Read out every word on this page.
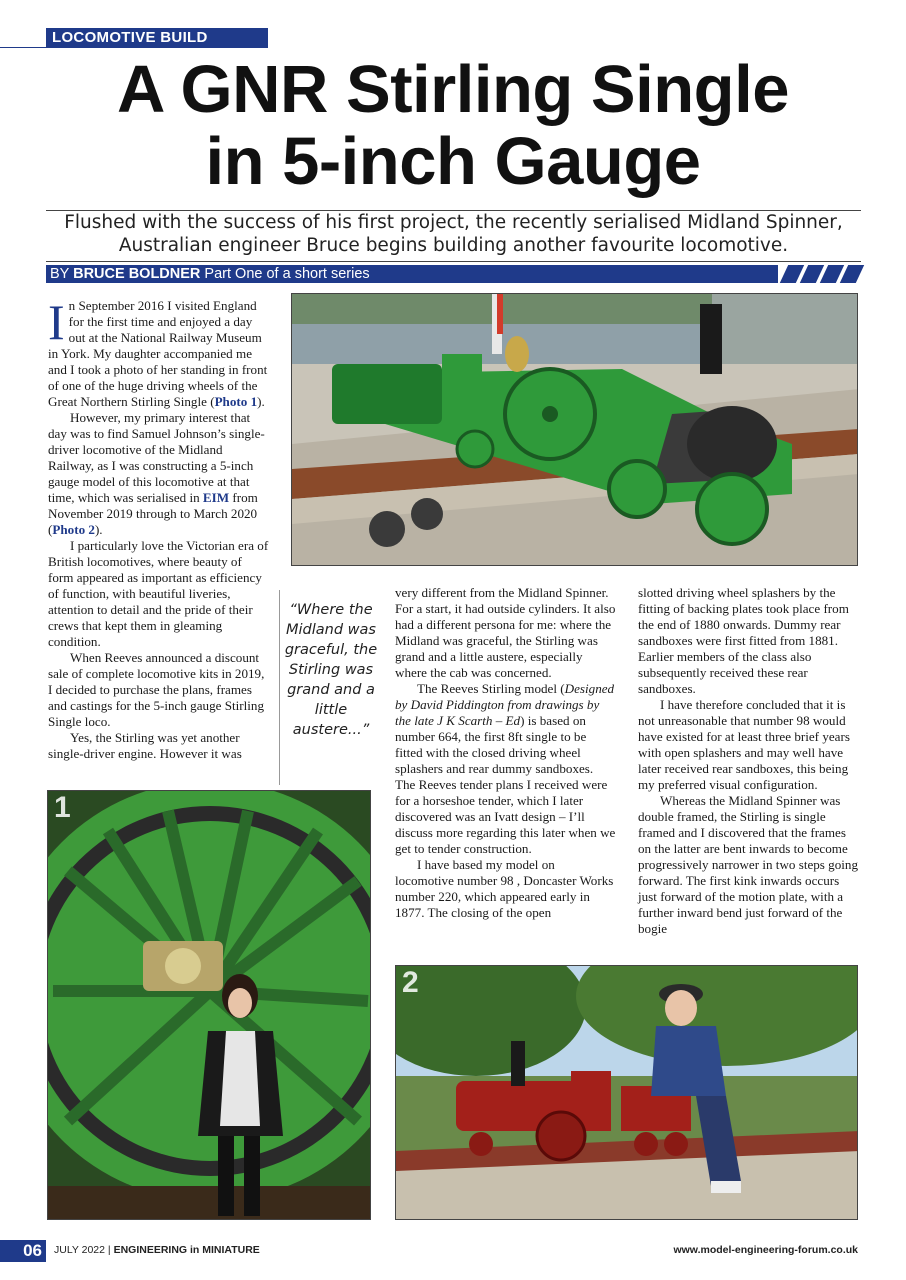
LOCOMOTIVE BUILD
A GNR Stirling Single
in 5-inch Gauge
Flushed with the success of his first project, the recently serialised Midland Spinner,
Australian engineer Bruce begins building another favourite locomotive.
BY BRUCE BOLDNER Part One of a short series

In September 2016 I visited England for the first time and enjoyed a day out at the National Railway Museum in York. My daughter accompanied me and I took a photo of her standing in front of one of the huge driving wheels of the Great Northern Stirling Single (Photo 1).

However, my primary interest that day was to find Samuel Johnson’s single-driver locomotive of the Midland Railway, as I was constructing a 5-inch gauge model of this locomotive at that time, which was serialised in EIM from November 2019 through to March 2020 (Photo 2).

I particularly love the Victorian era of British locomotives, where beauty of form appeared as important as efficiency of function, with beautiful liveries, attention to detail and the pride of their crews that kept them in gleaming condition.

When Reeves announced a discount sale of complete locomotive kits in 2019, I decided to purchase the plans, frames and castings for the 5-inch gauge Stirling Single loco.

Yes, the Stirling was yet another single-driver engine. However it was

“Where the Midland was graceful, the Stirling was grand and a little austere...”

very different from the Midland Spinner. For a start, it had outside cylinders. It also had a different persona for me: where the Midland was graceful, the Stirling was grand and a little austere, especially where the cab was concerned.

The Reeves Stirling model (Designed by David Piddington from drawings by the late J K Scarth – Ed) is based on number 664, the first 8ft single to be fitted with the closed driving wheel splashers and rear dummy sandboxes. The Reeves tender plans I received were for a horseshoe tender, which I later discovered was an Ivatt design – I’ll discuss more regarding this later when we get to tender construction.

I have based my model on locomotive number 98 , Doncaster Works number 220, which appeared early in 1877. The closing of the open

slotted driving wheel splashers by the fitting of backing plates took place from the end of 1880 onwards. Dummy rear sandboxes were first fitted from 1881. Earlier members of the class also subsequently received these rear sandboxes.

I have therefore concluded that it is not unreasonable that number 98 would have existed for at least three brief years with open splashers and may well have later received rear sandboxes, this being my preferred visual configuration.

Whereas the Midland Spinner was double framed, the Stirling is single framed and I discovered that the frames on the latter are bent inwards to become progressively narrower in two steps going forward. The first kink inwards occurs just forward of the motion plate, with a further inward bend just forward of the bogie

1
2
06	JULY 2022 | ENGINEERING in MINIATURE	www.model-engineering-forum.co.uk
